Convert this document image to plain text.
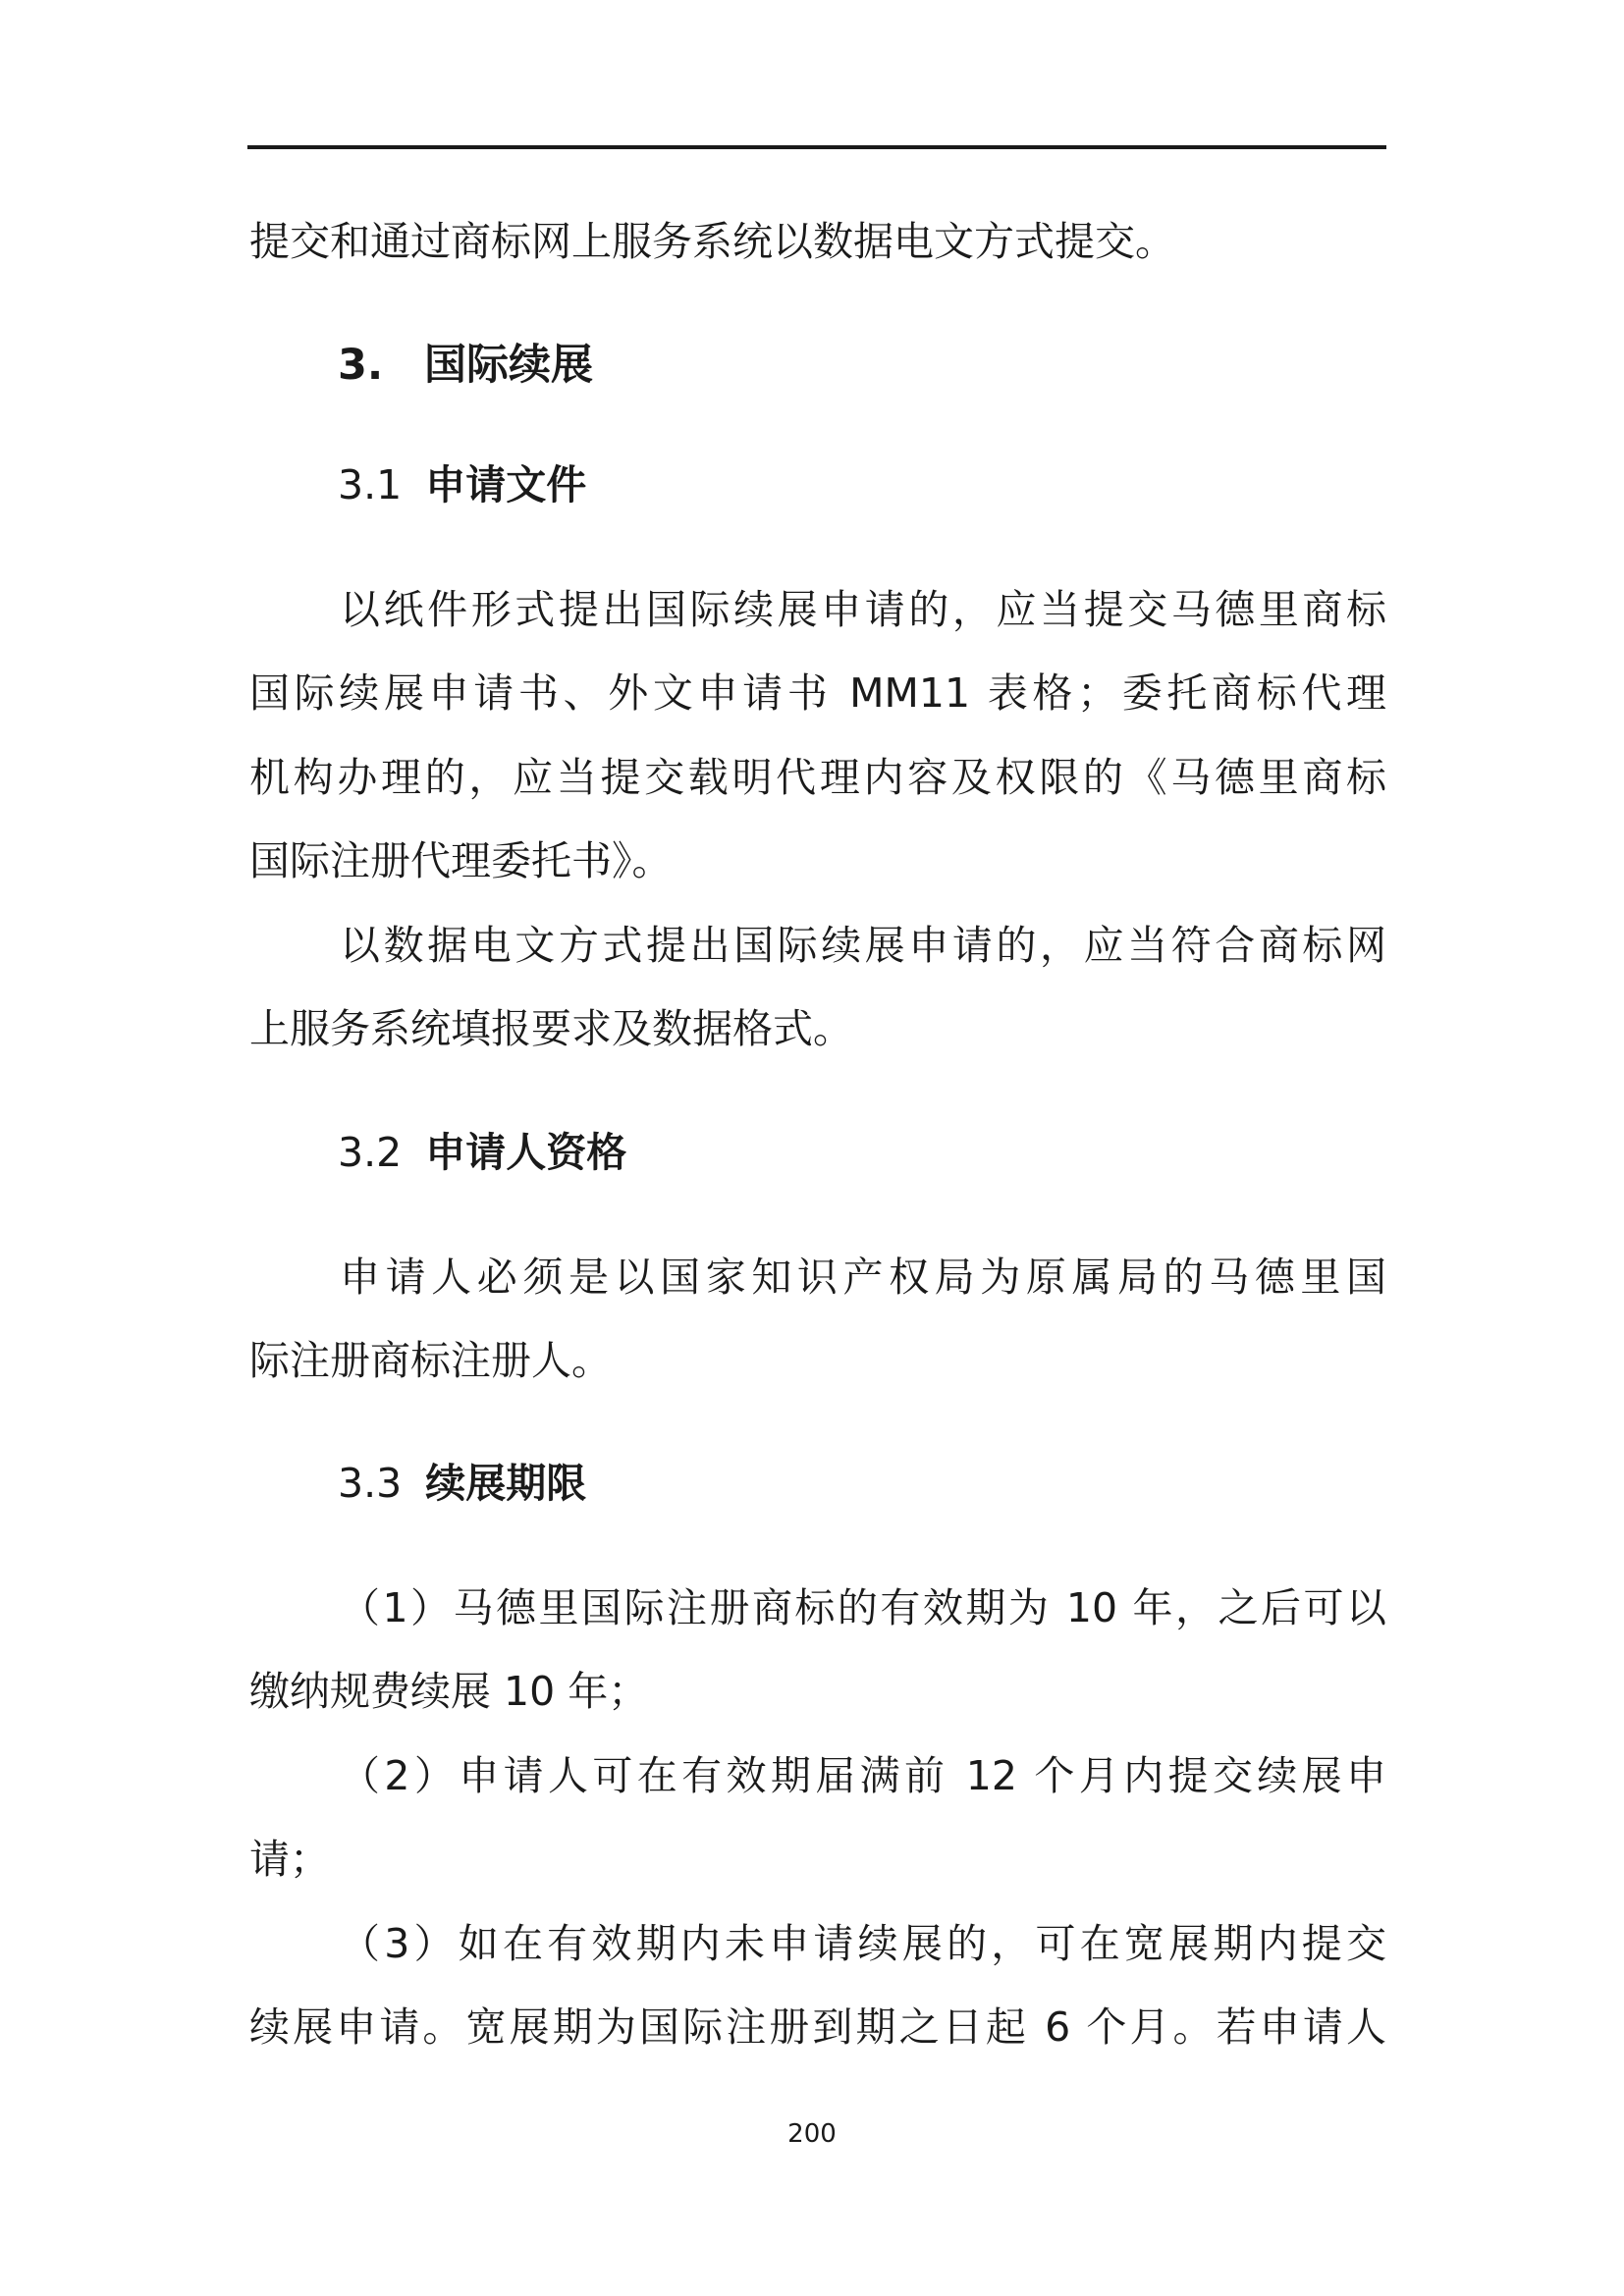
提交和通过商标网上服务系统以数据电文方式提交。
3. 国际续展
3.1 申请文件
以纸件形式提出国际续展申请的，应当提交马德里商标
国际续展申请书、外文申请书 MM11 表格；委托商标代理
机构办理的，应当提交载明代理内容及权限的《马德里商标
国际注册代理委托书》。
以数据电文方式提出国际续展申请的，应当符合商标网
上服务系统填报要求及数据格式。
3.2 申请人资格
申请人必须是以国家知识产权局为原属局的马德里国
际注册商标注册人。
3.3 续展期限
（1）马德里国际注册商标的有效期为 10 年，之后可以
缴纳规费续展 10 年；
（2）申请人可在有效期届满前 12 个月内提交续展申
请；
（3）如在有效期内未申请续展的，可在宽展期内提交
续展申请。宽展期为国际注册到期之日起 6 个月。若申请人
200
